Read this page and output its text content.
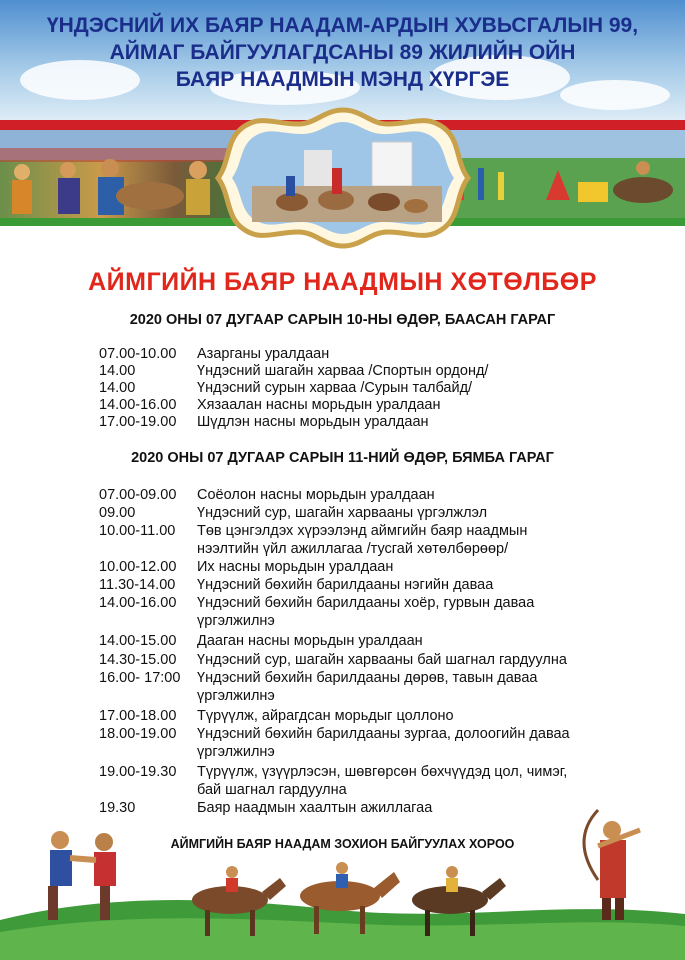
ҮНДЭСНИЙ ИХ БАЯР НААДАМ-АРДЫН ХУВЬСГАЛЫН 99,
АЙМАГ БАЙГУУЛАГДСАНЫ 89 ЖИЛИЙН ОЙН
БАЯР НААДМЫН МЭНД ХҮРГЭЕ
АЙМГИЙН БАЯР НААДМЫН ХӨТӨЛБӨР
2020 ОНЫ 07 ДУГААР САРЫН 10-НЫ ӨДӨР, БААСАН ГАРАГ
07.00-10.00 Азарганы уралдаан
14.00	Үндэсний шагайн харваа /Спортын ордонд/
14.00	Үндэсний сурын харваа /Сурын талбайд/
14.00-16.00 Хязаалан насны морьдын уралдаан
17.00-19.00 Шүдлэн насны морьдын уралдаан
2020 ОНЫ 07 ДУГААР САРЫН 11-НИЙ ӨДӨР, БЯМБА ГАРАГ
07.00-09.00 Соёолон насны морьдын уралдаан
09.00	Үндэсний сур, шагайн харвааны үргэлжлэл
10.00-11.00 Төв цэнгэлдэх хүрээлэнд аймгийн баяр наадмын
нээлтийн үйл ажиллагаа /тусгай хөтөлбөрөөр/
10.00-12.00 Их насны морьдын уралдаан
11.30-14.00 Үндэсний бөхийн барилдааны нэгийн даваа
14.00-16.00 Үндэсний бөхийн барилдааны хоёр, гурвын даваа
үргэлжилнэ
14.00-15.00 Дааган насны морьдын уралдаан
14.30-15.00 Үндэсний сур, шагайн харвааны бай шагнал гардуулна
16.00- 17:00 Үндэсний бөхийн барилдааны дөрөв, тавын даваа
үргэлжилнэ
17.00-18.00 Түрүүлж, айрагдсан морьдыг цоллоно
18.00-19.00 Үндэсний бөхийн барилдааны зургаа, долоогийн даваа
үргэлжилнэ
19.00-19.30 Түрүүлж, үзүүрлэсэн, шөвгөрсөн бөхчүүдэд цол, чимэг,
бай шагнал гардуулна
19.30	Баяр наадмын хаалтын ажиллагаа
АЙМГИЙН БАЯР НААДАМ ЗОХИОН БАЙГУУЛАХ ХОРОО
